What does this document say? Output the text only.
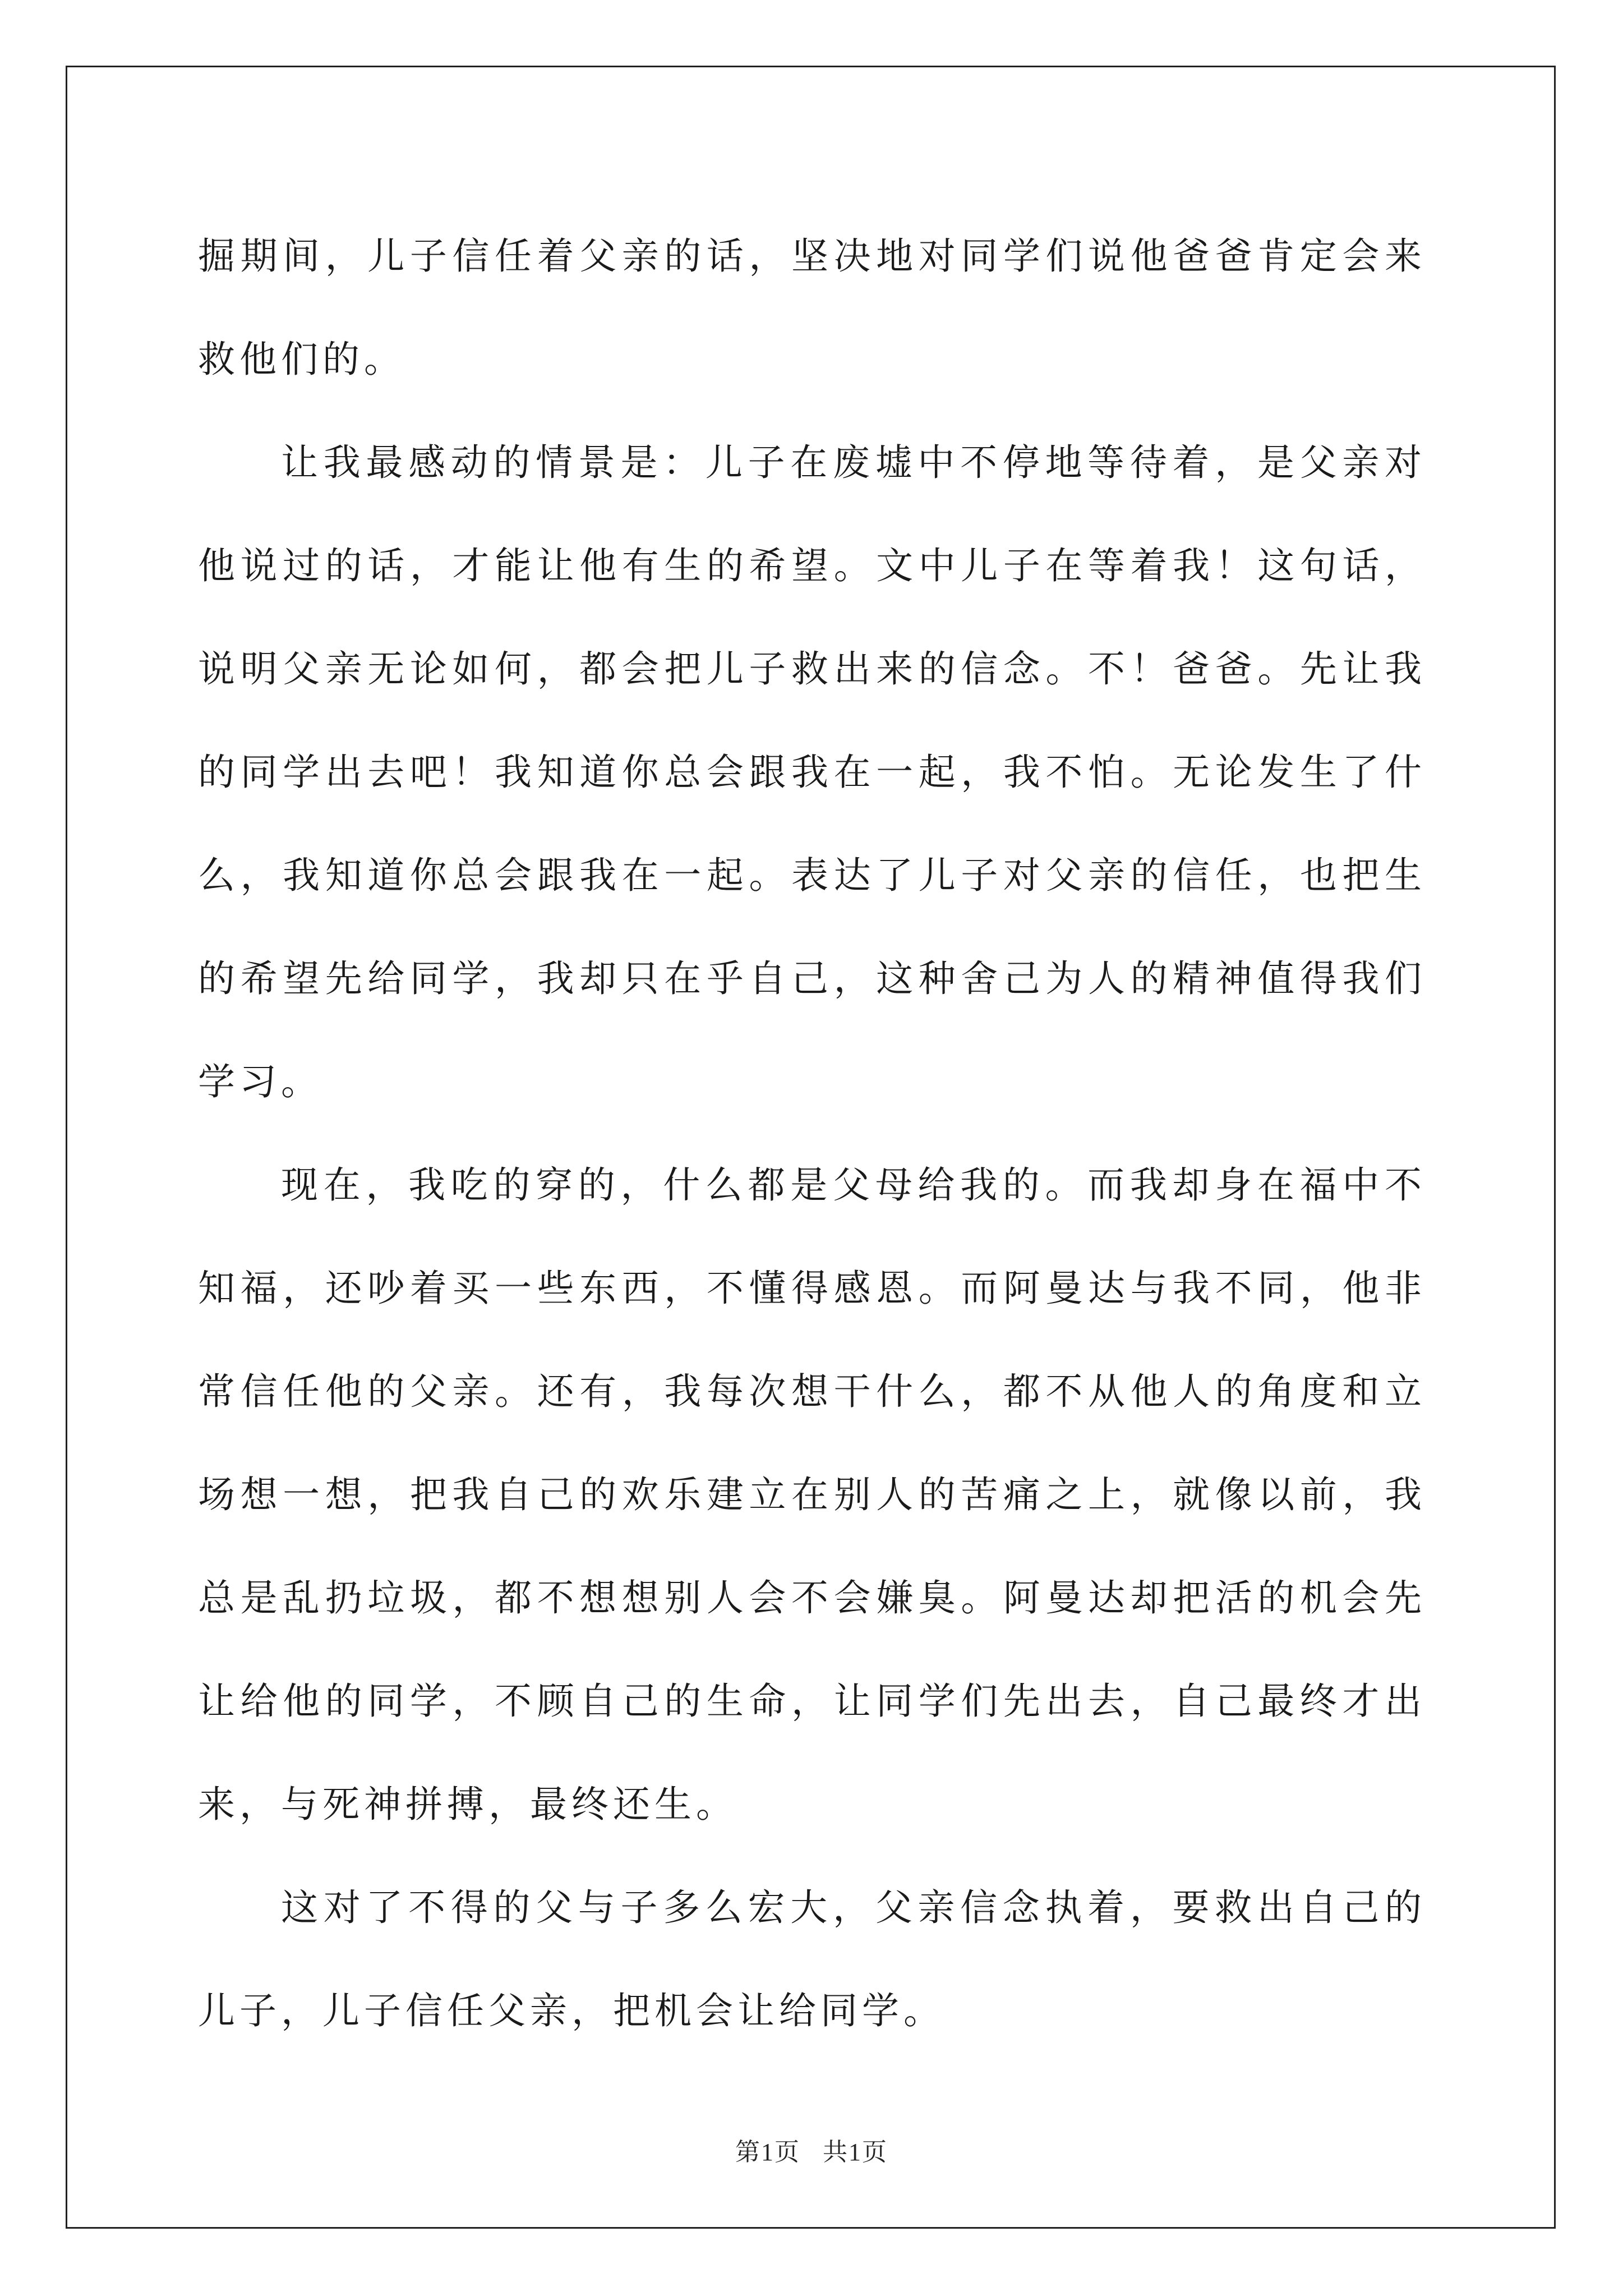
掘期间，儿子信任着父亲的话，坚决地对同学们说他爸爸肯定会来救他们的。

让我最感动的情景是：儿子在废墟中不停地等待着，是父亲对他说过的话，才能让他有生的希望。文中儿子在等着我！这句话，说明父亲无论如何，都会把儿子救出来的信念。不！爸爸。先让我的同学出去吧！我知道你总会跟我在一起，我不怕。无论发生了什么，我知道你总会跟我在一起。表达了儿子对父亲的信任，也把生的希望先给同学，我却只在乎自己，这种舍己为人的精神值得我们学习。

现在，我吃的穿的，什么都是父母给我的。而我却身在福中不知福，还吵着买一些东西，不懂得感恩。而阿曼达与我不同，他非常信任他的父亲。还有，我每次想干什么，都不从他人的角度和立场想一想，把我自己的欢乐建立在别人的苦痛之上，就像以前，我总是乱扔垃圾，都不想想别人会不会嫌臭。阿曼达却把活的机会先让给他的同学，不顾自己的生命，让同学们先出去，自己最终才出来，与死神拼搏，最终还生。

这对了不得的父与子多么宏大，父亲信念执着，要救出自己的儿子，儿子信任父亲，把机会让给同学。

第1页 共1页
